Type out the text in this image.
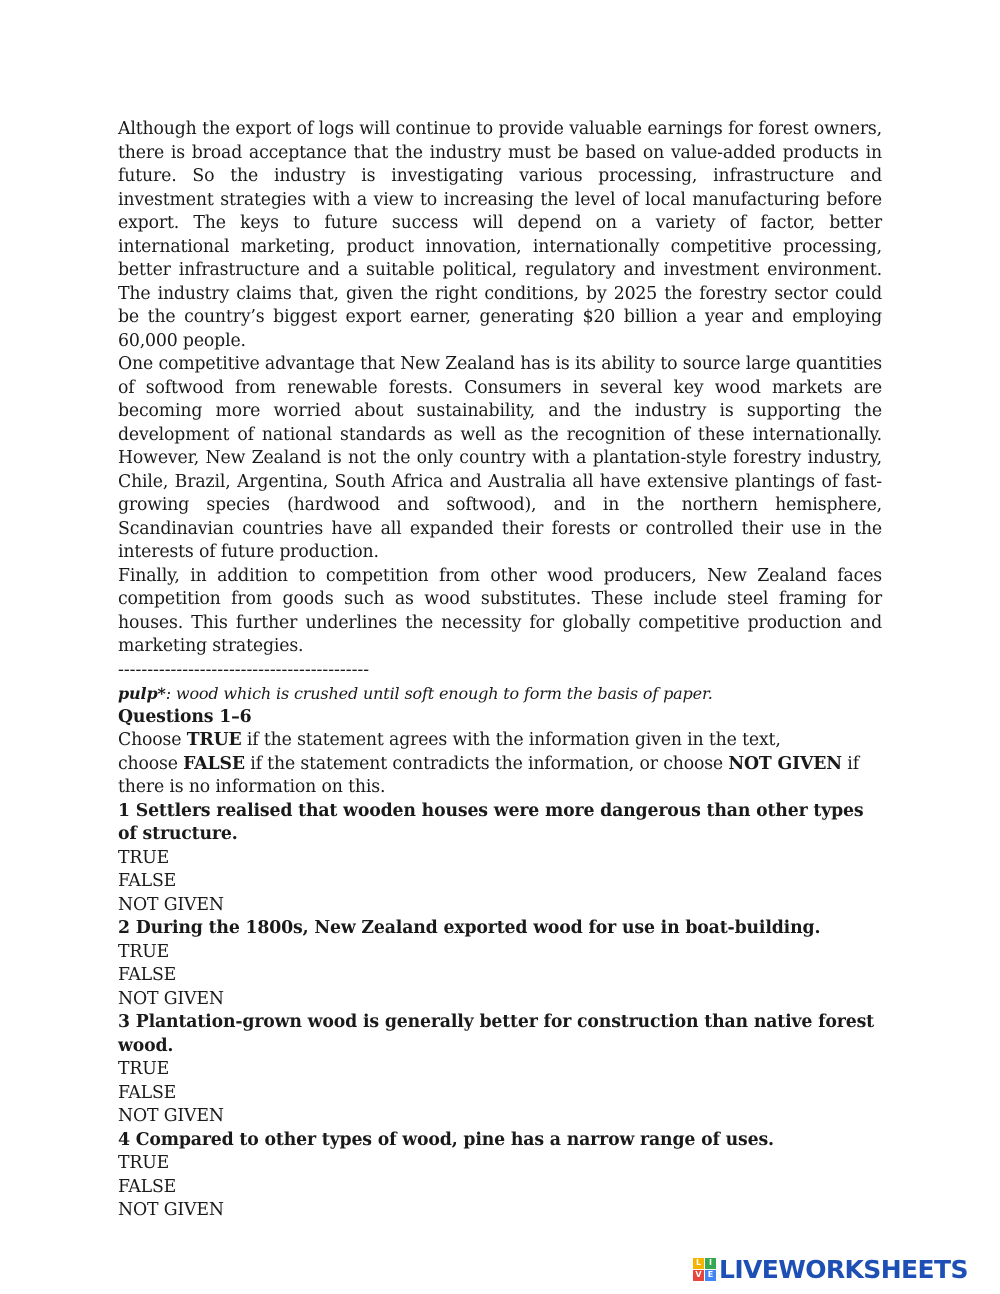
Although the export of logs will continue to provide valuable earnings for forest owners, there is broad acceptance that the industry must be based on value-added products in future. So the industry is investigating various processing, infrastructure and investment strategies with a view to increasing the level of local manufacturing before export. The keys to future success will depend on a variety of factor, better international marketing, product innovation, internationally competitive processing, better infrastructure and a suitable political, regulatory and investment environment. The industry claims that, given the right conditions, by 2025 the forestry sector could be the country’s biggest export earner, generating $20 billion a year and employing 60,000 people.

One competitive advantage that New Zealand has is its ability to source large quantities of softwood from renewable forests. Consumers in several key wood markets are becoming more worried about sustainability, and the industry is supporting the development of national standards as well as the recognition of these internationally. However, New Zealand is not the only country with a plantation-style forestry industry, Chile, Brazil, Argentina, South Africa and Australia all have extensive plantings of fast-growing species (hardwood and softwood), and in the northern hemisphere, Scandinavian countries have all expanded their forests or controlled their use in the interests of future production.

Finally, in addition to competition from other wood producers, New Zealand faces competition from goods such as wood substitutes. These include steel framing for houses. This further underlines the necessity for globally competitive production and marketing strategies.

-------------------------------------------

pulp*: wood which is crushed until soft enough to form the basis of paper.

Questions 1–6

Choose TRUE if the statement agrees with the information given in the text,

choose FALSE if the statement contradicts the information, or choose NOT GIVEN if there is no information on this.

1 Settlers realised that wooden houses were more dangerous than other types of structure.

TRUE

FALSE

NOT GIVEN

2 During the 1800s, New Zealand exported wood for use in boat-building.

TRUE

FALSE

NOT GIVEN

3 Plantation-grown wood is generally better for construction than native forest wood.

TRUE

FALSE

NOT GIVEN

4 Compared to other types of wood, pine has a narrow range of uses.

TRUE

FALSE

NOT GIVEN

L I
V E LIVEWORKSHEETS
